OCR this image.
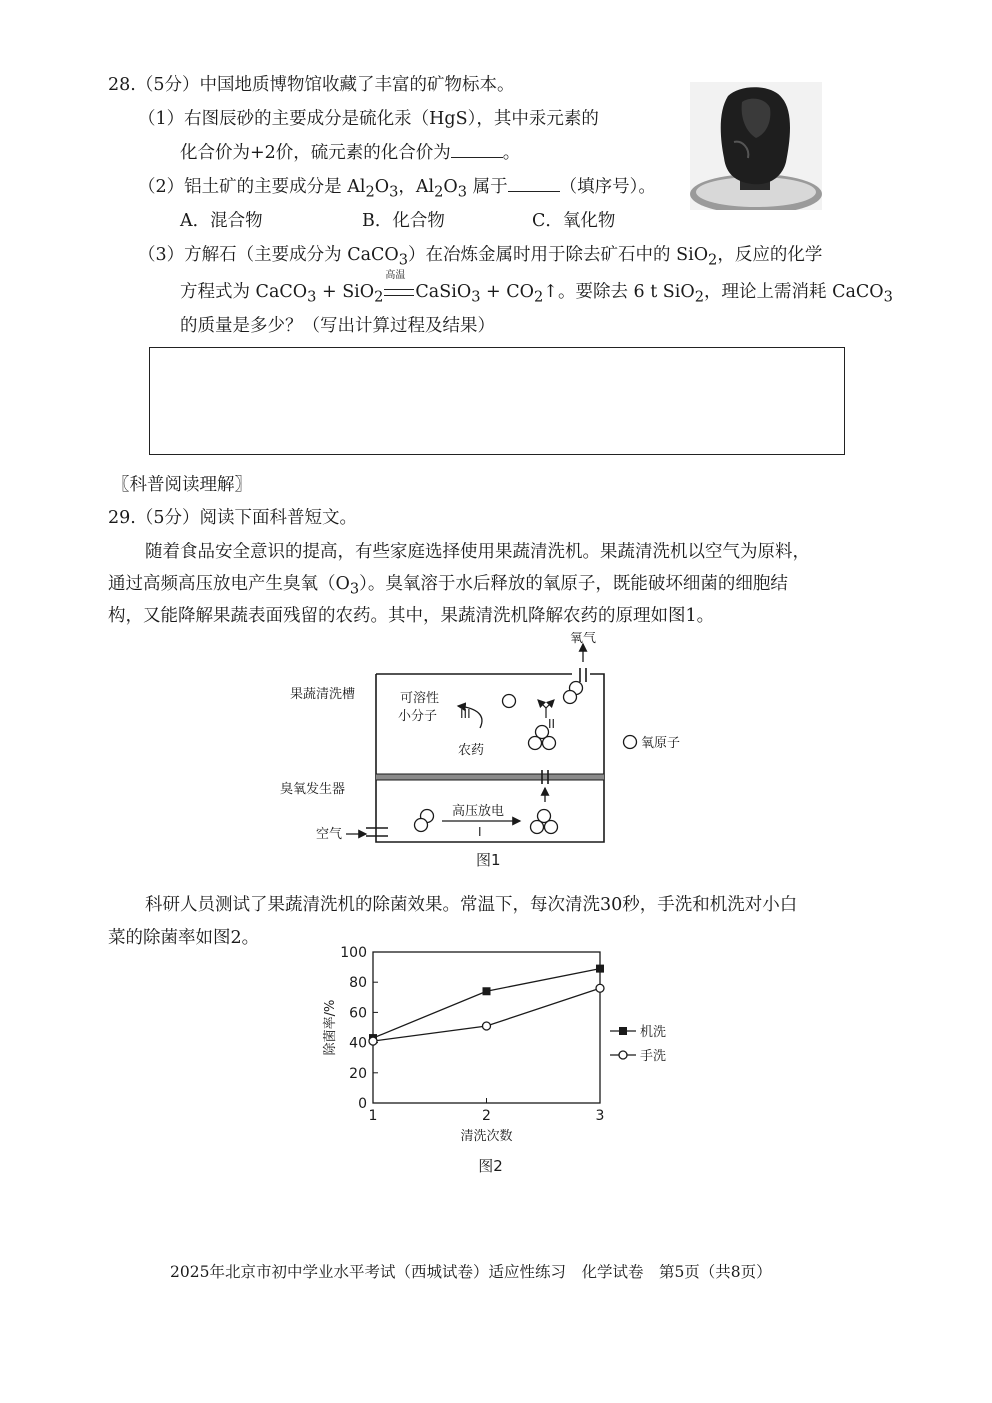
28.（5分）中国地质博物馆收藏了丰富的矿物标本。
（1）右图辰砂的主要成分是硫化汞（HgS），其中汞元素的
化合价为+2价，硫元素的化合价为	。
（2）铝土矿的主要成分是 $Al_2O_3$，$Al_2O_3$ 属于	（填序号）。
A．混合物	B．化合物	C．氧化物
（3）方解石（主要成分为 CaCO$_3$）在冶炼金属时用于除去矿石中的 SiO$_2$，反应的化学
方程式为 CaCO$_3$ + SiO$_2$
高温
CaSiO$_3$ + $CO_2↑$。要除去 6 t SiO$_2$，理论上需消耗 CaCO$_3$
的质量是多少？（写出计算过程及结果）
〖科普阅读理解〗
29.（5分）阅读下面科普短文。
随着食品安全意识的提高，有些家庭选择使用果蔬清洗机。果蔬清洗机以空气为原料，
通过高频高压放电产生臭氧$(O_3)$。臭氧溶于水后释放的氧原子，既能破坏细菌的细胞结
构，又能降解果蔬表面残留的农药。其中，果蔬清洗机降解农药的原理如图1。
氧气
果蔬清洗槽
臭氧发生器
空气
高压放电
I
II
可溶性
小分子 III
农药	氧原子
图1
科研人员测试了果蔬清洗机的除菌效果。常温下，每次清洗30秒，手洗和机洗对小白
菜的除菌率如图2。
除菌率/%
清洗次数
图2
0
20
40
60
80
100
1	2	3
机洗
手洗
2025年北京市初中学业水平考试（西城试卷）适应性练习　化学试卷　第5页（共8页）
